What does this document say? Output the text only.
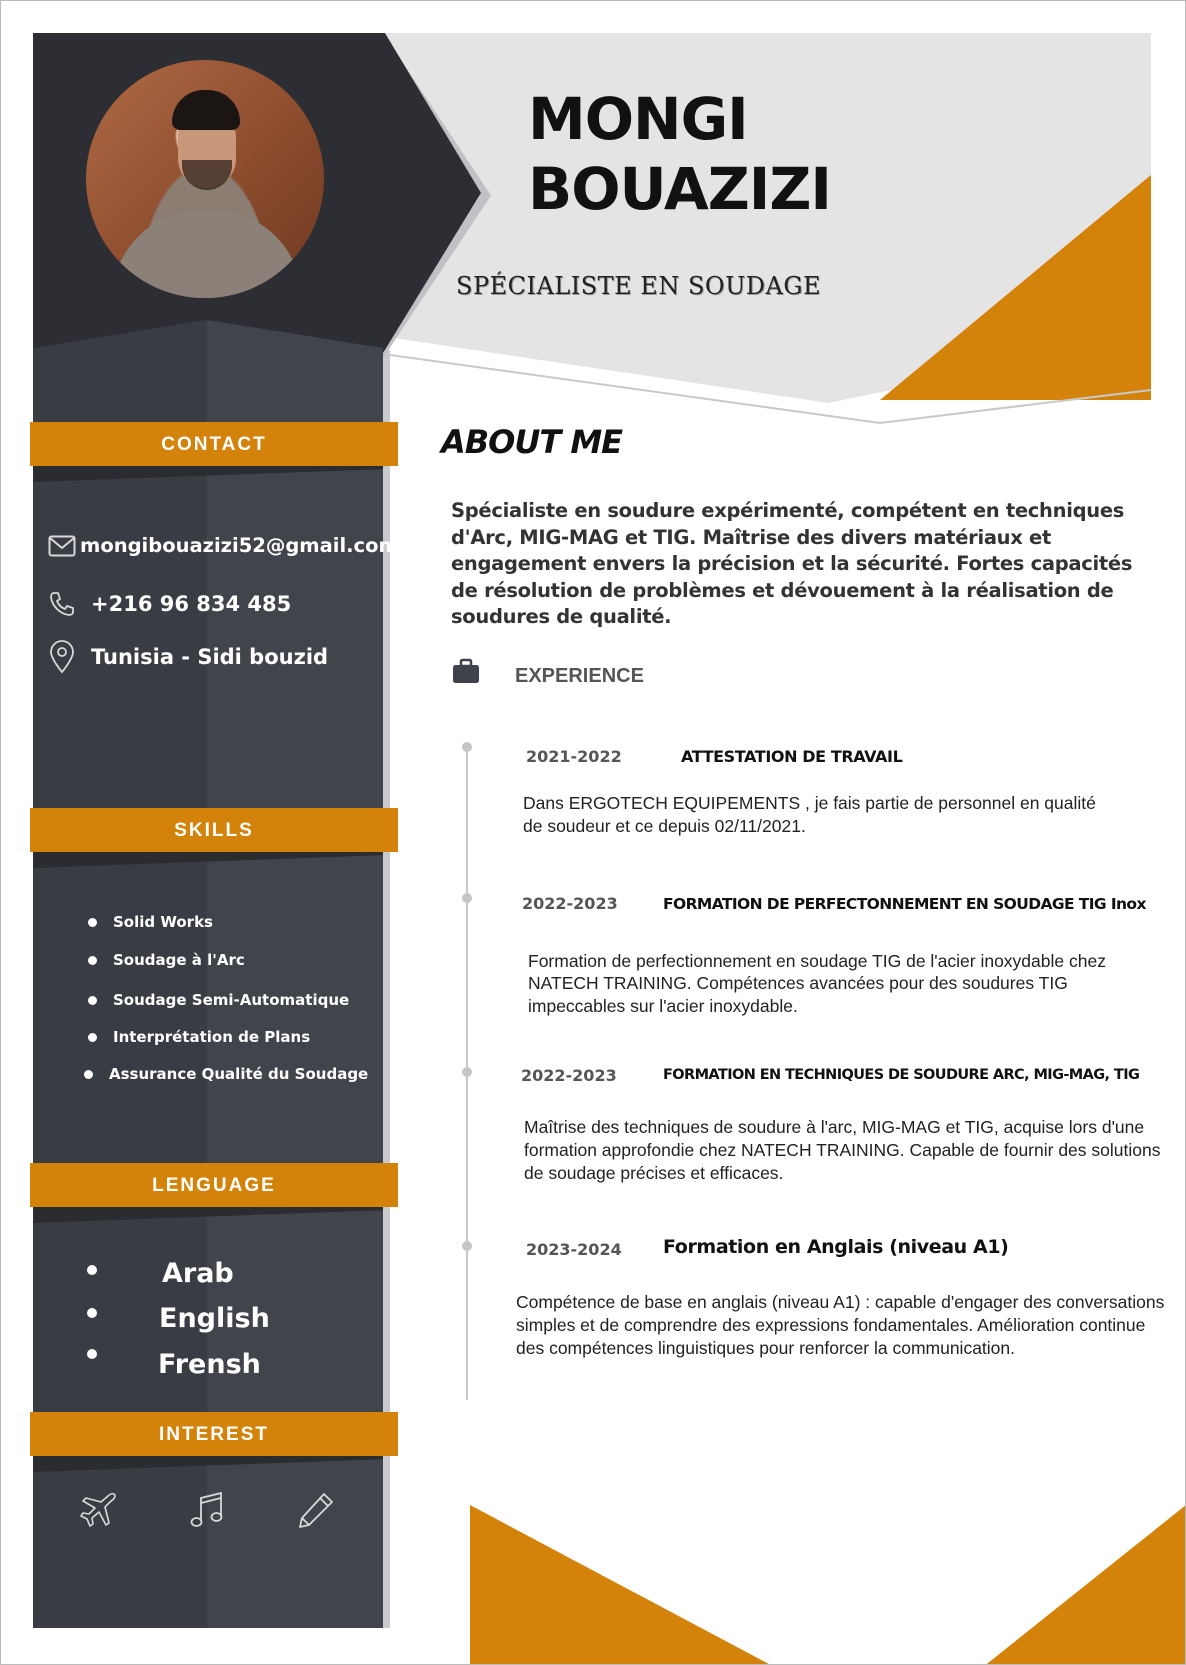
MONGI
BOUAZIZI
SPÉCIALISTE EN SOUDAGE
CONTACT
mongibouazizi52@gmail.com
+216 96 834 485
Tunisia - Sidi bouzid
SKILLS
Solid Works
Soudage à l'Arc
Soudage Semi-Automatique
Interprétation de Plans
Assurance Qualité du Soudage
LENGUAGE
Arab
English
Frensh
INTEREST
ABOUT ME
Spécialiste en soudure expérimenté, compétent en techniques d'Arc, MIG-MAG et TIG. Maîtrise des divers matériaux et engagement envers la précision et la sécurité. Fortes capacités de résolution de problèmes et dévouement à la réalisation de soudures de qualité.
EXPERIENCE
2021-2022	ATTESTATION DE TRAVAIL
Dans ERGOTECH EQUIPEMENTS , je fais partie de personnel en qualité
de soudeur et ce depuis 02/11/2021.
2022-2023	FORMATION DE PERFECTONNEMENT EN SOUDAGE TIG Inox
Formation de perfectionnement en soudage TIG de l'acier inoxydable chez
NATECH TRAINING. Compétences avancées pour des soudures TIG
impeccables sur l'acier inoxydable.
2022-2023	FORMATION EN TECHNIQUES DE SOUDURE ARC, MIG-MAG, TIG
Maîtrise des techniques de soudure à l'arc, MIG-MAG et TIG, acquise lors d'une
formation approfondie chez NATECH TRAINING. Capable de fournir des solutions
de soudage précises et efficaces.
2023-2024 Formation en Anglais (niveau A1)
Compétence de base en anglais (niveau A1) : capable d'engager des conversations
simples et de comprendre des expressions fondamentales. Amélioration continue
des compétences linguistiques pour renforcer la communication.
